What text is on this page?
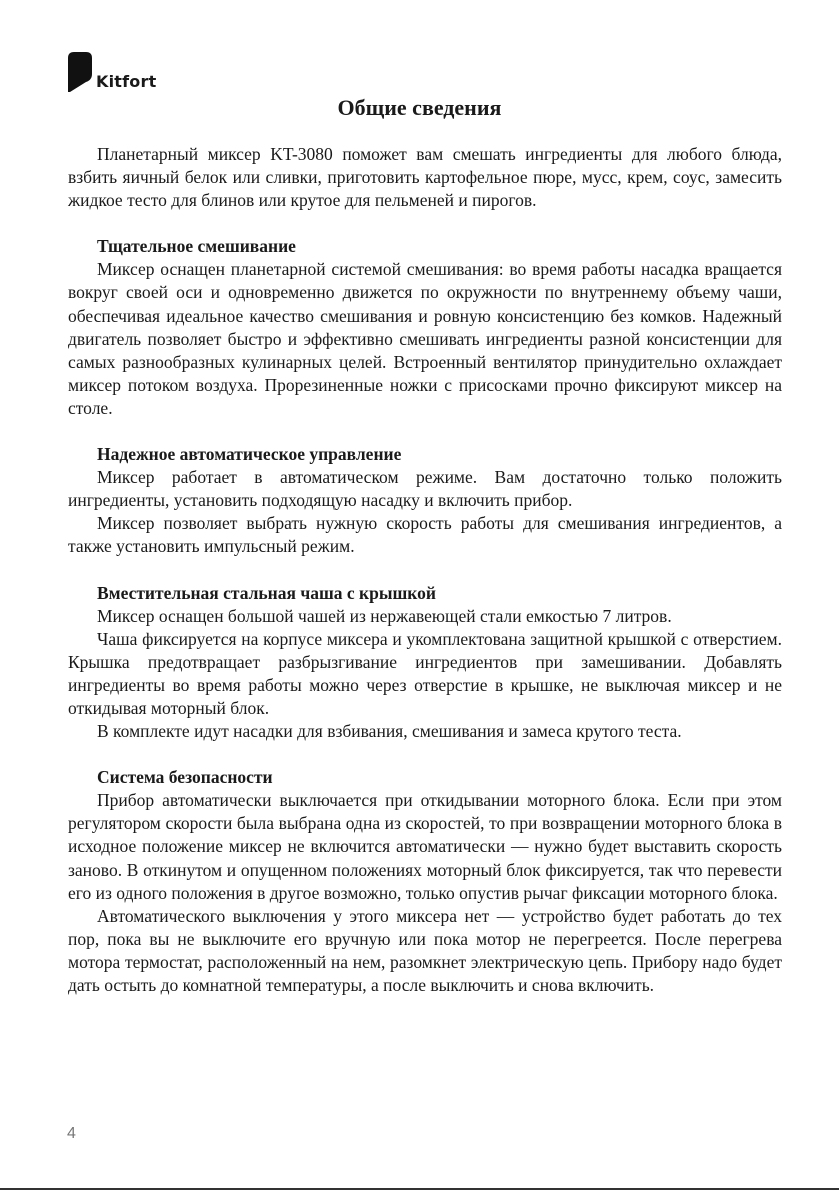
Kitfort
Общие сведения

Планетарный миксер KT-3080 поможет вам смешать ингредиенты для любого блюда, взбить яичный белок или сливки, приготовить картофельное пюре, мусс, крем, соус, замесить жидкое тесто для блинов или крутое для пельменей и пирогов.

Тщательное смешивание

Миксер оснащен планетарной системой смешивания: во время работы насадка вращается вокруг своей оси и одновременно движется по окружности по внутреннему объему чаши, обеспечивая идеальное качество смешивания и ровную консистенцию без комков. Надежный двигатель позволяет быстро и эффективно смешивать ингредиенты разной консистенции для самых разнообразных кулинарных целей. Встроенный вентилятор принудительно охлаждает миксер потоком воздуха. Прорезиненные ножки с присосками прочно фиксируют миксер на столе.

Надежное автоматическое управление

Миксер работает в автоматическом режиме. Вам достаточно только положить ингредиенты, установить подходящую насадку и включить прибор.

Миксер позволяет выбрать нужную скорость работы для смешивания ингредиентов, а также установить импульсный режим.

Вместительная стальная чаша с крышкой

Миксер оснащен большой чашей из нержавеющей стали емкостью 7 литров.

Чаша фиксируется на корпусе миксера и укомплектована защитной крышкой с отверстием. Крышка предотвращает разбрызгивание ингредиентов при замешивании. Добавлять ингредиенты во время работы можно через отверстие в крышке, не выключая миксер и не откидывая моторный блок.

В комплекте идут насадки для взбивания, смешивания и замеса крутого теста.

Система безопасности

Прибор автоматически выключается при откидывании моторного блока. Если при этом регулятором скорости была выбрана одна из скоростей, то при возвращении моторного блока в исходное положение миксер не включится автоматически — нужно будет выставить скорость заново. В откинутом и опущенном положениях моторный блок фиксируется, так что перевести его из одного положения в другое возможно, только опустив рычаг фиксации моторного блока.

Автоматического выключения у этого миксера нет — устройство будет работать до тех пор, пока вы не выключите его вручную или пока мотор не перегреется. После перегрева мотора термостат, расположенный на нем, разомкнет электрическую цепь. Прибору надо будет дать остыть до комнатной температуры, а после выключить и снова включить.

4
